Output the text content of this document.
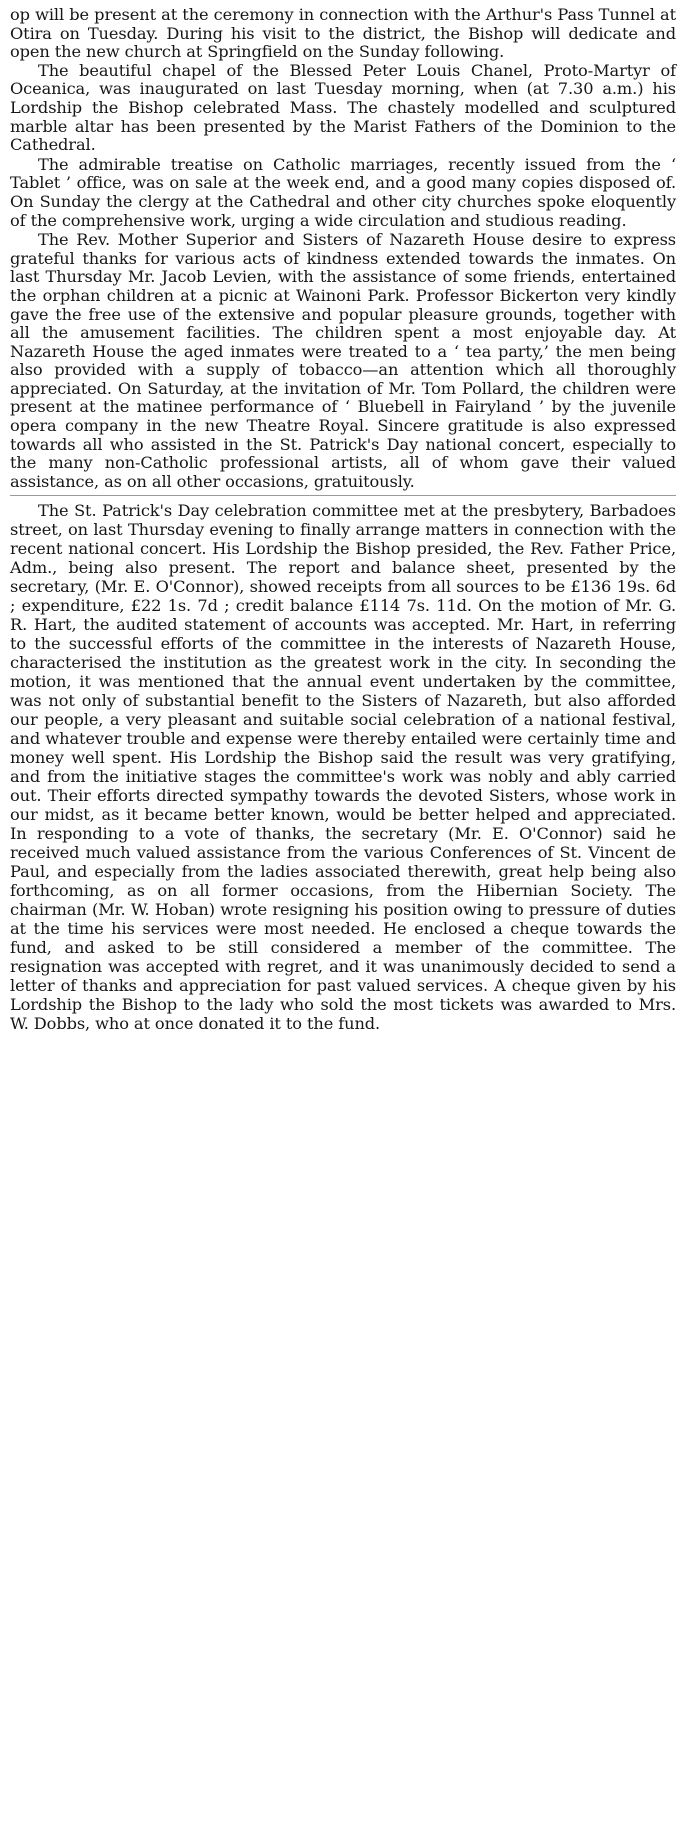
op will be present at the ceremony in connection with the Arthur's Pass Tunnel at Otira on Tuesday. During his visit to the district, the Bishop will dedicate and open the new church at Springfield on the Sunday following.

The beautiful chapel of the Blessed Peter Louis Chanel, Proto-Martyr of Oceanica, was inaugurated on last Tuesday morning, when (at 7.30 a.m.) his Lordship the Bishop celebrated Mass. The chastely modelled and sculptured marble altar has been presented by the Marist Fathers of the Dominion to the Cathedral.

The admirable treatise on Catholic marriages, recently issued from the ‘ Tablet ’ office, was on sale at the week end, and a good many copies disposed of. On Sunday the clergy at the Cathedral and other city churches spoke eloquently of the comprehensive work, urging a wide circulation and studious reading.

The Rev. Mother Superior and Sisters of Nazareth House desire to express grateful thanks for various acts of kindness extended towards the inmates. On last Thursday Mr. Jacob Levien, with the assistance of some friends, entertained the orphan children at a picnic at Wainoni Park. Professor Bickerton very kindly gave the free use of the extensive and popular pleasure grounds, together with all the amusement facilities. The children spent a most enjoyable day. At Nazareth House the aged inmates were treated to a ‘ tea party,’ the men being also provided with a supply of tobacco—an attention which all thoroughly appreciated. On Saturday, at the invitation of Mr. Tom Pollard, the children were present at the matinee performance of ‘ Bluebell in Fairyland ’ by the juvenile opera company in the new Theatre Royal. Sincere gratitude is also expressed towards all who assisted in the St. Patrick's Day national concert, especially to the many non-Catholic professional artists, all of whom gave their valued assistance, as on all other occasions, gratuitously.

The St. Patrick's Day celebration committee met at the presbytery, Barbadoes street, on last Thursday evening to finally arrange matters in connection with the recent national concert. His Lordship the Bishop presided, the Rev. Father Price, Adm., being also present. The report and balance sheet, presented by the secretary, (Mr. E. O'Connor), showed receipts from all sources to be £136 19s. 6d ; expenditure, £22 1s. 7d ; credit balance £114 7s. 11d. On the motion of Mr. G. R. Hart, the audited statement of accounts was accepted. Mr. Hart, in referring to the successful efforts of the committee in the interests of Nazareth House, characterised the institution as the greatest work in the city. In seconding the motion, it was mentioned that the annual event undertaken by the committee, was not only of substantial benefit to the Sisters of Nazareth, but also afforded our people, a very pleasant and suitable social celebration of a national festival, and whatever trouble and expense were thereby entailed were certainly time and money well spent. His Lordship the Bishop said the result was very gratifying, and from the initiative stages the committee's work was nobly and ably carried out. Their efforts directed sympathy towards the devoted Sisters, whose work in our midst, as it became better known, would be better helped and appreciated. In responding to a vote of thanks, the secretary (Mr. E. O'Connor) said he received much valued assistance from the various Conferences of St. Vincent de Paul, and especially from the ladies associated therewith, great help being also forthcoming, as on all former occasions, from the Hibernian Society. The chairman (Mr. W. Hoban) wrote resigning his position owing to pressure of duties at the time his services were most needed. He enclosed a cheque towards the fund, and asked to be still considered a member of the committee. The resignation was accepted with regret, and it was unanimously decided to send a letter of thanks and appreciation for past valued services. A cheque given by his Lordship the Bishop to the lady who sold the most tickets was awarded to Mrs. W. Dobbs, who at once donated it to the fund.
